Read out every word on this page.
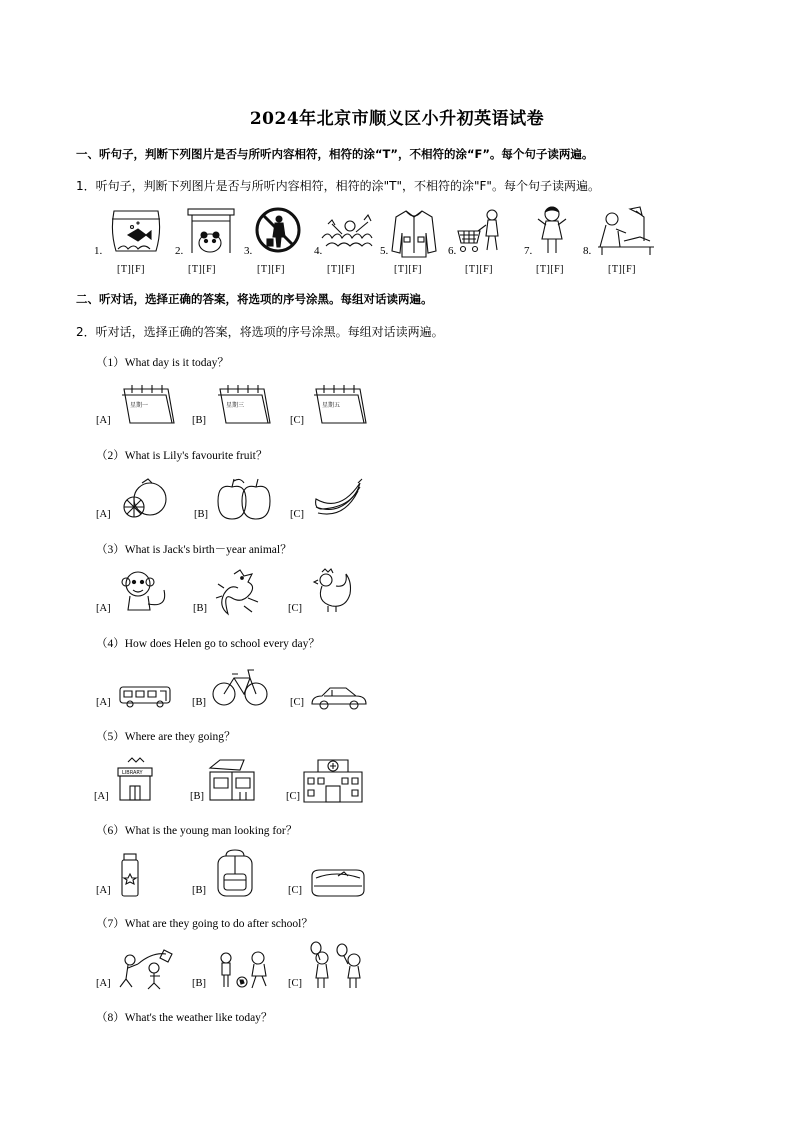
2024年北京市顺义区小升初英语试卷
一、听句子，判断下列图片是否与所听内容相符，相符的涂“T”，不相符的涂“F”。每个句子读两遍。
1．听句子，判断下列图片是否与所听内容相符，相符的涂"T"，不相符的涂"F"。每个句子读两遍。
1.
[T][F]
2.
[T][F]
3.
[T][F]
4.
[T][F]
5.
[T][F]
6.
[T][F]
7.
[T][F]
8.
[T][F]
二、听对话，选择正确的答案，将选项的序号涂黑。每组对话读两遍。
2．听对话，选择正确的答案，将选项的序号涂黑。每组对话读两遍。
（1）What day is it today？
[A]
星期一
[B]
星期三
[C]
星期五
（2）What is Lily's favourite fruit？
[A]	[B]	[C]
（3）What is Jack's birth－year animal？
[A]	[B]	[C]
（4）How does Helen go to school every day？
[A]	[B]	[C]
（5）Where are they going？
[A]
LIBRARY
[B]	[C]
（6）What is the young man looking for？
[A]	[B]	[C]
（7）What are they going to do after school？
[A]	[B]	[C]
（8）What's the weather like today？
